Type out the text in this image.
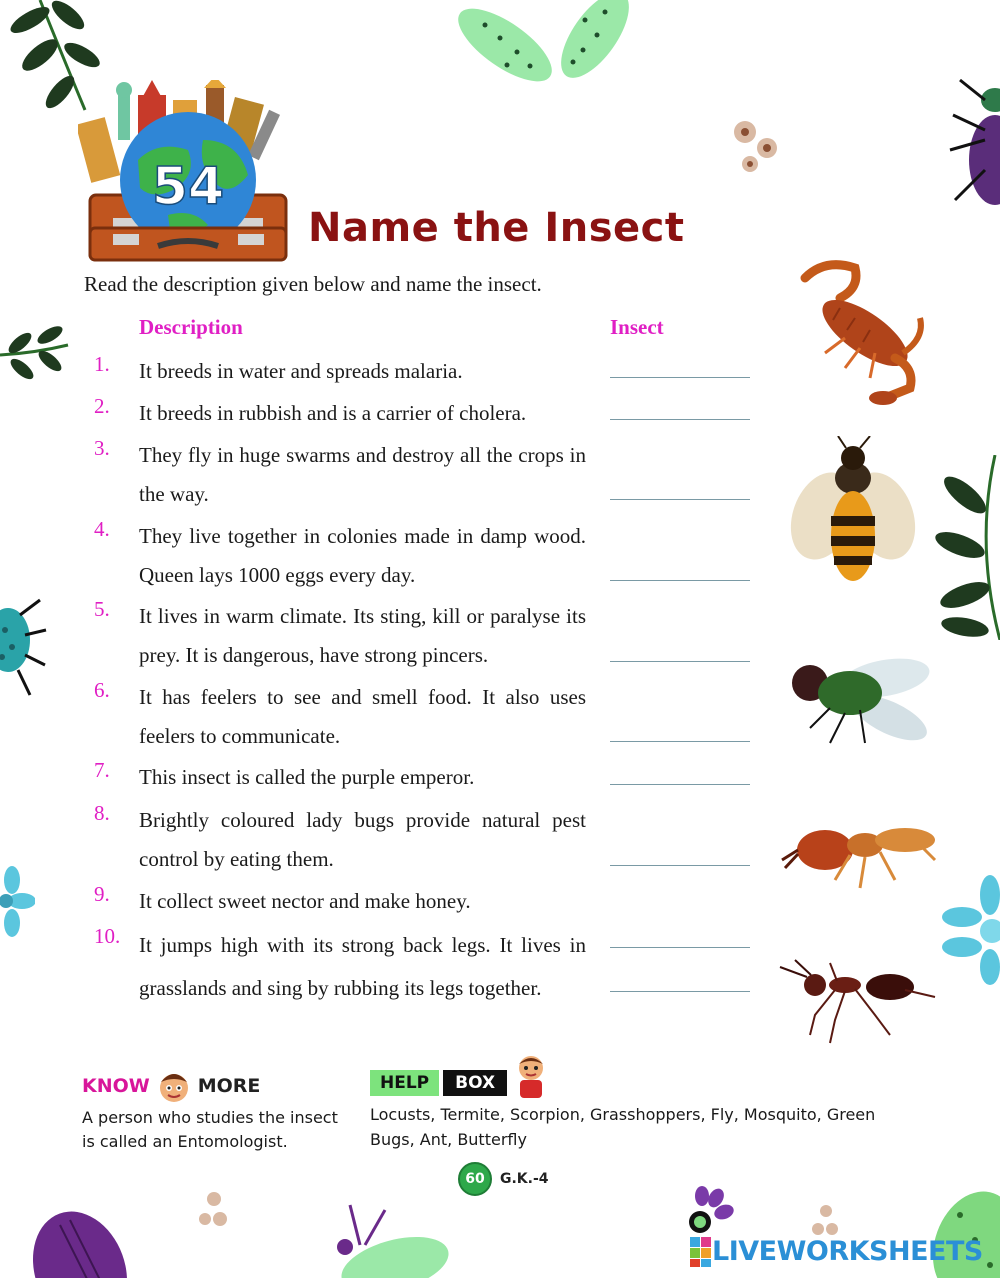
54
Name the Insect

Read the description given below and name the insect.

Description	Insect
1. It breeds in water and spreads malaria.
2. It breeds in rubbish and is a carrier of cholera.
3. They fly in huge swarms and destroy all the crops in the way.
4. They live together in colonies made in damp wood. Queen lays 1000 eggs every day.
5. It lives in warm climate. Its sting, kill or paralyse its prey. It is dangerous, have strong pincers.
6. It has feelers to see and smell food. It also uses feelers to communicate.
7. This insect is called the purple emperor.
8. Brightly coloured lady bugs provide natural pest control by eating them.
9. It collect sweet nector and make honey.
10. It jumps high with its strong back legs. It lives in grasslands and sing by rubbing its legs together.
KNOW	MORE

A person who studies the insect is called an Entomologist.

HELP	BOX

Locusts, Termite, Scorpion, Grasshoppers, Fly, Mosquito, Green Bugs, Ant, Butterfly

60	G.K.-4
LIVEWORKSHEETS
